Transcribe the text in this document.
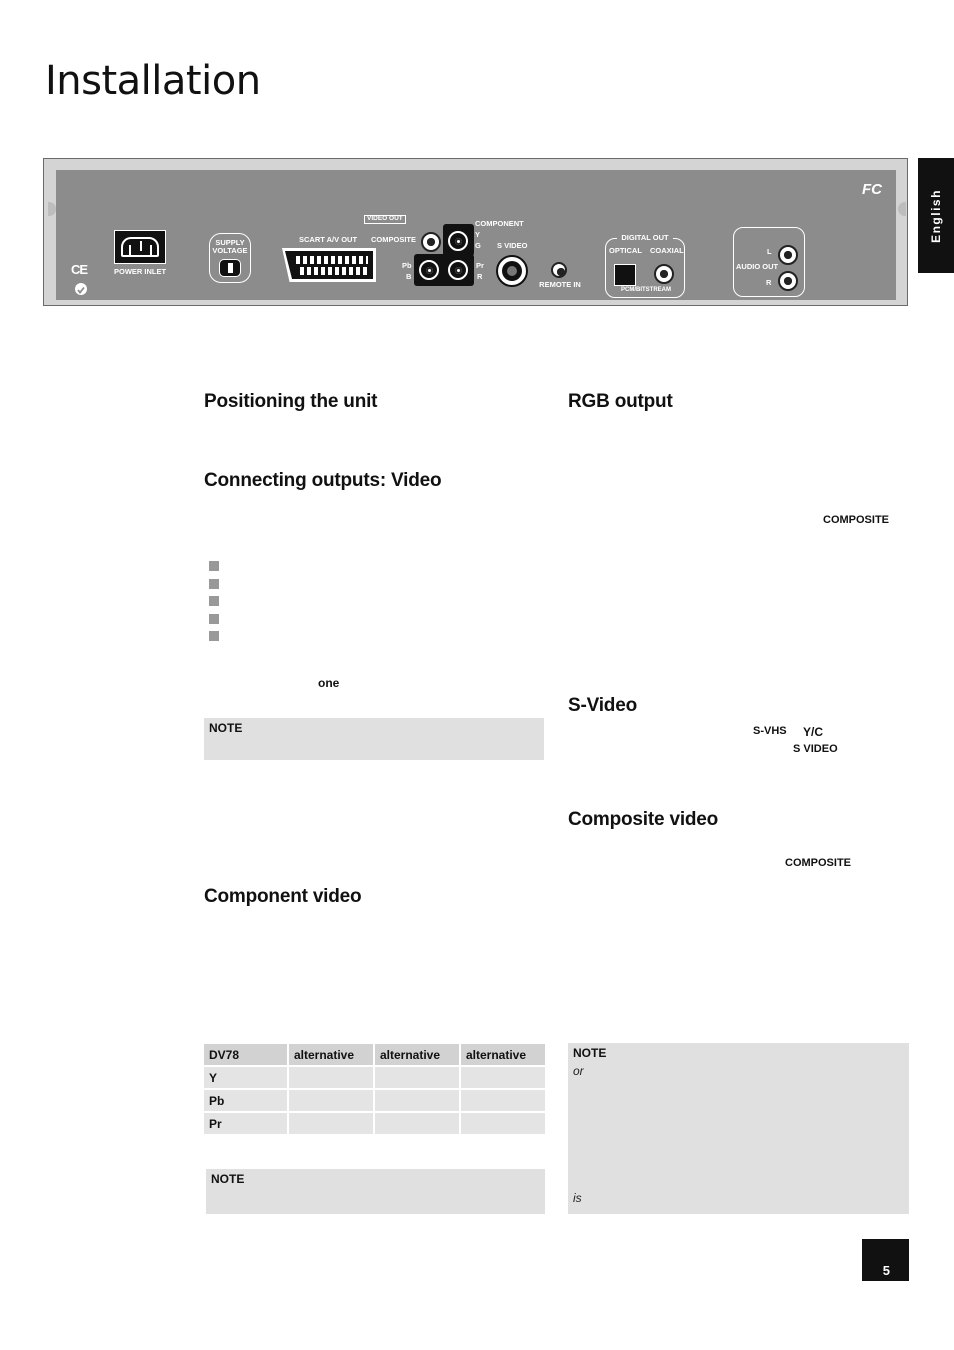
Installation
English
FC
CE	POWER INLET
SUPPLY VOLTAGE
SCART A/V OUT
VIDEO OUT
COMPOSITE
COMPONENT
Y
G
Pb
B
Pr
R
S VIDEO
REMOTE IN
DIGITAL OUT
OPTICAL COAXIAL
PCM/BITSTREAM
AUDIO OUT
L
R
Positioning the unit
Connecting outputs: Video
one
NOTE
Component video
DV78	alternative	alternative	alternative
Y			
Pb			
Pr			
NOTE
RGB output
COMPOSITE
S-Video
S-VHS Y/C
S VIDEO
Composite video
COMPOSITE
NOTE
or
is
5
